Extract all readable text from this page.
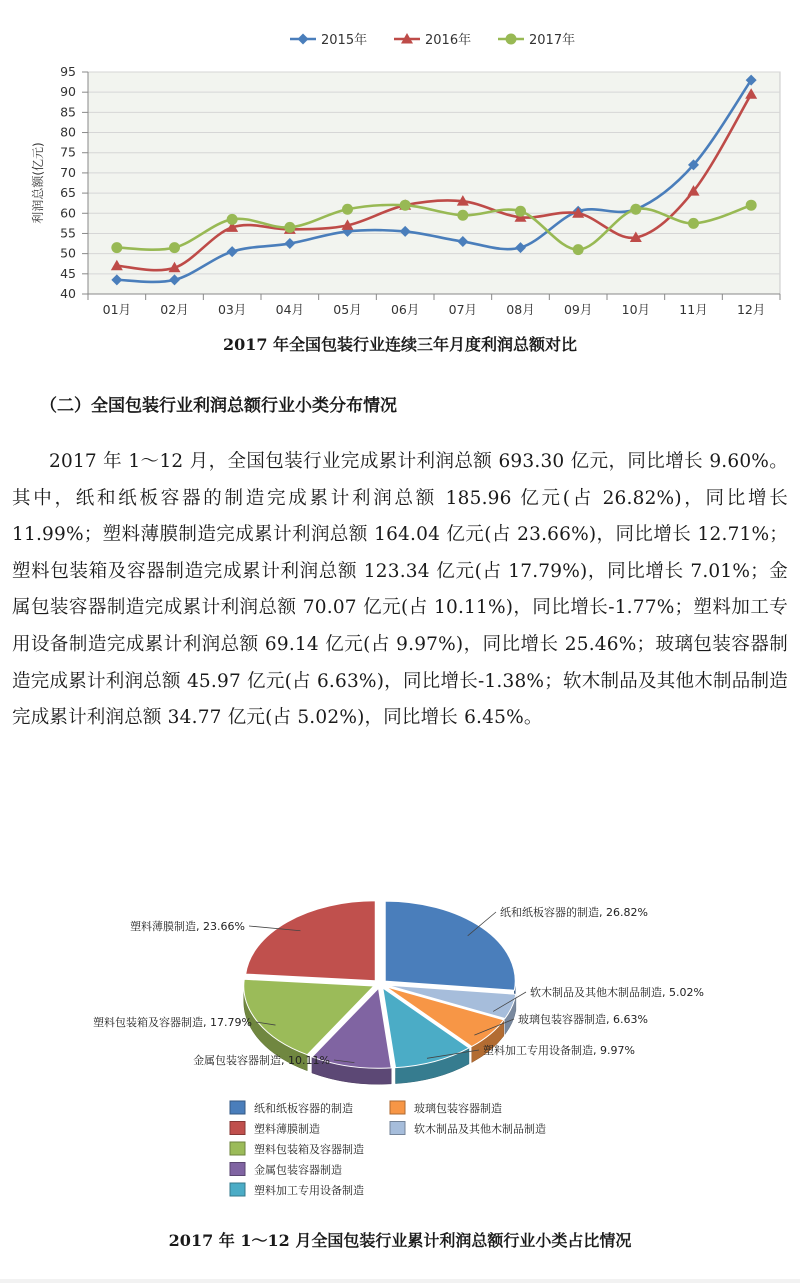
2015年	2016年	2017年
40
45
50
55
60
65
70
75
80
85
90
95
01月 02月 03月 04月 05月 06月 07月 08月 09月 10月 11月 12月
利润总额(亿元)
2017 年全国包装行业连续三年月度利润总额对比
（二）全国包装行业利润总额行业小类分布情况

2017 年 1～12 月，全国包装行业完成累计利润总额 693.30 亿元，同比增长 9.60%。其中，纸和纸板容器的制造完成累计利润总额 185.96 亿元(占 26.82%)，同比增长 11.99%；塑料薄膜制造完成累计利润总额 164.04 亿元(占 23.66%)，同比增长 12.71%；塑料包装箱及容器制造完成累计利润总额 123.34 亿元(占 17.79%)，同比增长 7.01%；金属包装容器制造完成累计利润总额 70.07 亿元(占 10.11%)，同比增长-1.77%；塑料加工专用设备制造完成累计利润总额 69.14 亿元(占 9.97%)，同比增长 25.46%；玻璃包装容器制造完成累计利润总额 45.97 亿元(占 6.63%)，同比增长-1.38%；软木制品及其他木制品制造完成累计利润总额 34.77 亿元(占 5.02%)，同比增长 6.45%。

纸和纸板容器的制造, 26.82%
软木制品及其他木制品制造, 5.02%
玻璃包装容器制造, 6.63%
塑料加工专用设备制造, 9.97%
金属包装容器制造, 10.11%
塑料包装箱及容器制造, 17.79%
塑料薄膜制造, 23.66%
纸和纸板容器的制造	玻璃包装容器制造
塑料薄膜制造	软木制品及其他木制品制造
塑料包装箱及容器制造
金属包装容器制造
塑料加工专用设备制造
2017 年 1～12 月全国包装行业累计利润总额行业小类占比情况
